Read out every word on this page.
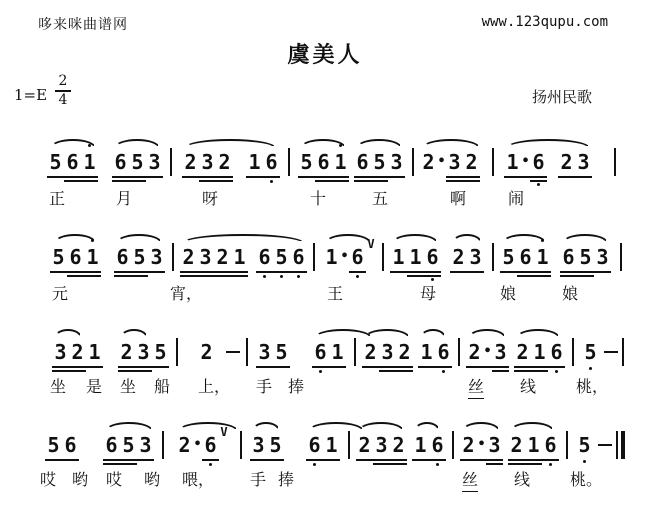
哆来咪曲谱网	www.123qupu.com
虞美人
1=E
2
4	扬州民歌
5 6 1 6 5 3 2 3 2 1 6 5 6 1 6 5 3 2 • 3 2 1 • 6 2 3
正	月	呀	十	五	啊	闹
5 6 1 6 5 3 2 3 2 1 6 5 6 1 • 6
V
1 1 6 2 3 5 6 1 6 5 3
元	宵，	王	母	娘	娘
3 2 1 2 3 5 2 3 5 6 1 2 3 2 1 6 2 • 3 2 1 6 5
坐 是 坐 船 上， 手 捧	丝 线 桃，
5 6 6 5 3 2 • 6
V
3 5 6 1 2 3 2 1 6 2 • 3 2 1 6 5
哎 哟 哎 哟 喂， 手 捧	丝 线 桃。
